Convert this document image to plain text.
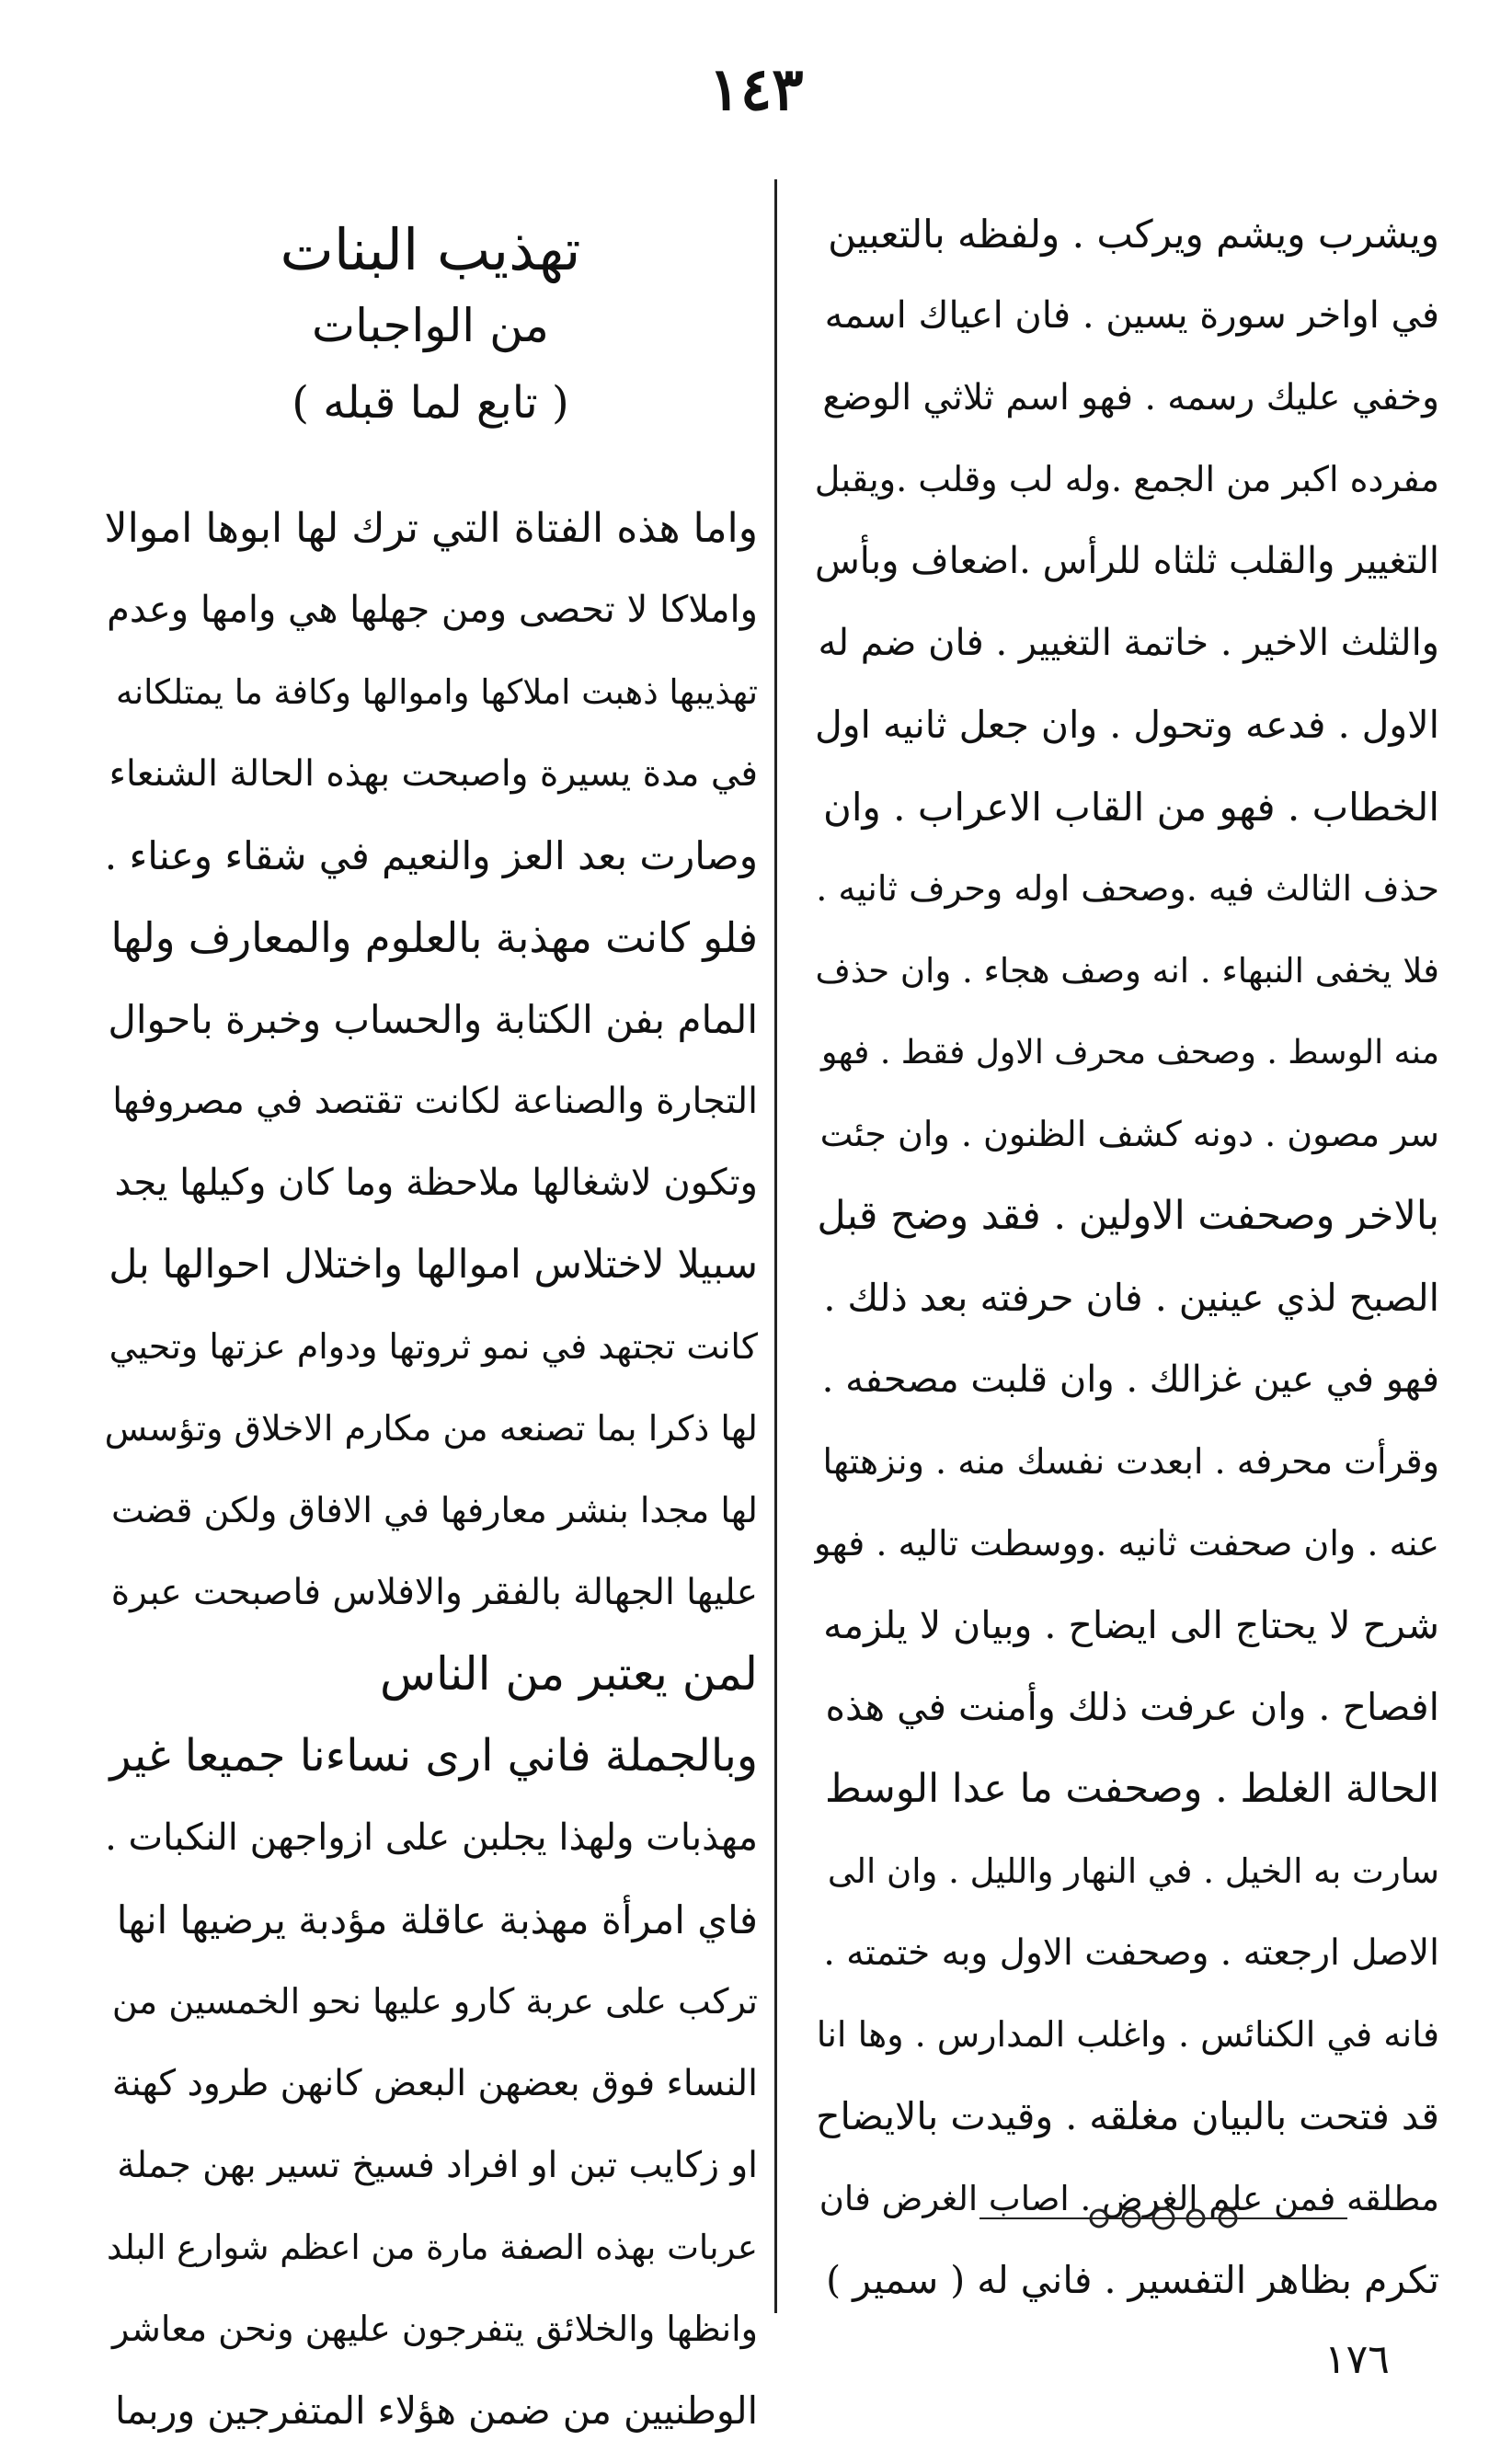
١٤٣
ويشرب ويشم ويركب . ولفظه بالتعبين
في اواخر سورة يسين . فان اعياك اسمه
وخفي عليك رسمه . فهو اسم ثلاثي الوضع
مفرده اكبر من الجمع .وله لب وقلب .ويقبل
التغيير والقلب ثلثاه للرأس .اضعاف وبأس
والثلث الاخير . خاتمة التغيير . فان ضم له
الاول . فدعه وتحول . وان جعل ثانيه اول
الخطاب . فهو من القاب الاعراب . وان
حذف الثالث فيه .وصحف اوله وحرف ثانيه .
فلا يخفى النبهاء . انه وصف هجاء . وان حذف
منه الوسط . وصحف محرف الاول فقط . فهو
سر مصون . دونه كشف الظنون . وان جئت
بالاخر وصحفت الاولين . فقد وضح قبل
الصبح لذي عينين . فان حرفته بعد ذلك .
فهو في عين غزالك . وان قلبت مصحفه .
وقرأت محرفه . ابعدت نفسك منه . ونزهتها
عنه . وان صحفت ثانيه .ووسطت تاليه . فهو
شرح لا يحتاج الى ايضاح . وبيان لا يلزمه
افصاح . وان عرفت ذلك وأمنت في هذه
الحالة الغلط . وصحفت ما عدا الوسط
سارت به الخيل . في النهار والليل . وان الى
الاصل ارجعته . وصحفت الاول وبه ختمته .
فانه في الكنائس . واغلب المدارس . وها انا
قد فتحت بالبيان مغلقه . وقيدت بالايضاح
مطلقه فمن علم الغرض . اصاب الغرض فان
تكرم بظاهر التفسير . فاني له ( سمير )
تهذيب البنات
من الواجبات
( تابع لما قبله )
واما هذه الفتاة التي ترك لها ابوها اموالا
واملاكا لا تحصى ومن جهلها هي وامها وعدم
تهذيبها ذهبت املاكها واموالها وكافة ما يمتلكانه
في مدة يسيرة واصبحت بهذه الحالة الشنعاء
وصارت بعد العز والنعيم في شقاء وعناء .
فلو كانت مهذبة بالعلوم والمعارف ولها
المام بفن الكتابة والحساب وخبرة باحوال
التجارة والصناعة لكانت تقتصد في مصروفها
وتكون لاشغالها ملاحظة وما كان وكيلها يجد
سبيلا لاختلاس اموالها واختلال احوالها بل
كانت تجتهد في نمو ثروتها ودوام عزتها وتحيي
لها ذكرا بما تصنعه من مكارم الاخلاق وتؤسس
لها مجدا بنشر معارفها في الافاق ولكن قضت
عليها الجهالة بالفقر والافلاس فاصبحت عبرة
لمن يعتبر من الناس
وبالجملة فاني ارى نساءنا جميعا غير
مهذبات ولهذا يجلبن على ازواجهن النكبات .
فاي امرأة مهذبة عاقلة مؤدبة يرضيها انها
تركب على عربة كارو عليها نحو الخمسين من
النساء فوق بعضهن البعض كانهن طرود كهنة
او زكايب تبن او افراد فسيخ تسير بهن جملة
عربات بهذه الصفة مارة من اعظم شوارع البلد
وانظها والخلائق يتفرجون عليهن ونحن معاشر
الوطنيين من ضمن هؤلاء المتفرجين وربما
١٧٦
